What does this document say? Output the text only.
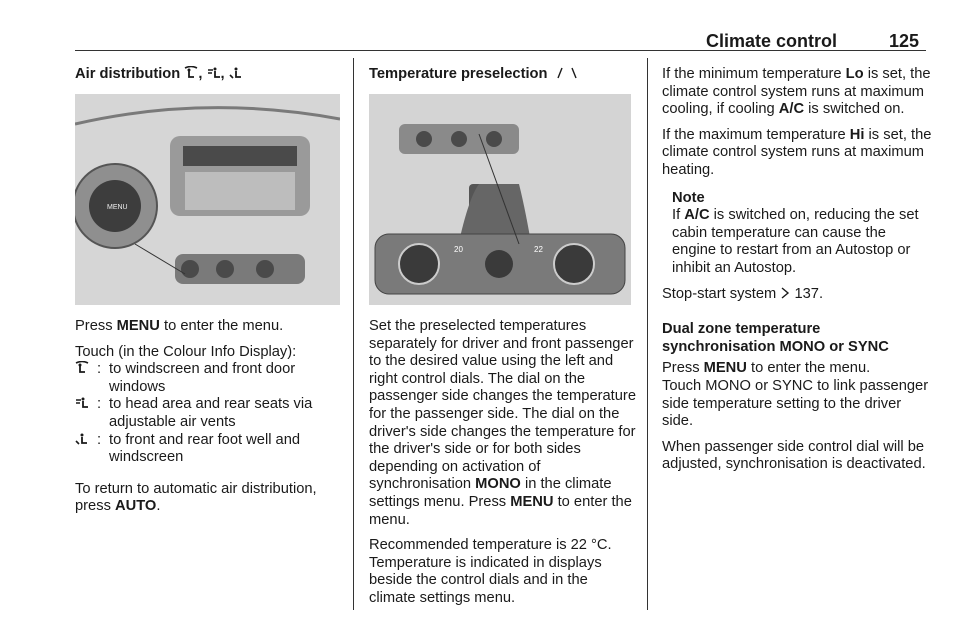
Climate control	125
Air distribution , ,
MENU

Press MENU to enter the menu.

Touch (in the Colour Info Display):

: to windscreen and front door windows
: to head area and rear seats via adjustable air vents
: to front and rear foot well and windscreen

To return to automatic air distribution, press AUTO.

Temperature preselection
20	22

Set the preselected temperatures separately for driver and front passenger to the desired value using the left and right control dials. The dial on the passenger side changes the temperature for the passenger side. The dial on the driver's side changes the temperature for the driver's side or for both sides depending on activation of synchronisation MONO in the climate settings menu. Press MENU to enter the menu.

Recommended temperature is 22 °C. Temperature is indicated in displays beside the control dials and in the climate settings menu.

If the minimum temperature Lo is set, the climate control system runs at maximum cooling, if cooling A/C is switched on.

If the maximum temperature Hi is set, the climate control system runs at maximum heating.

Note

If A/C is switched on, reducing the set cabin temperature can cause the engine to restart from an Autostop or inhibit an Autostop.

Stop-start system 137.

Dual zone temperature synchronisation MONO or SYNC

Press MENU to enter the menu.

Touch MONO or SYNC to link passenger side temperature setting to the driver side.

When passenger side control dial will be adjusted, synchronisation is deactivated.
